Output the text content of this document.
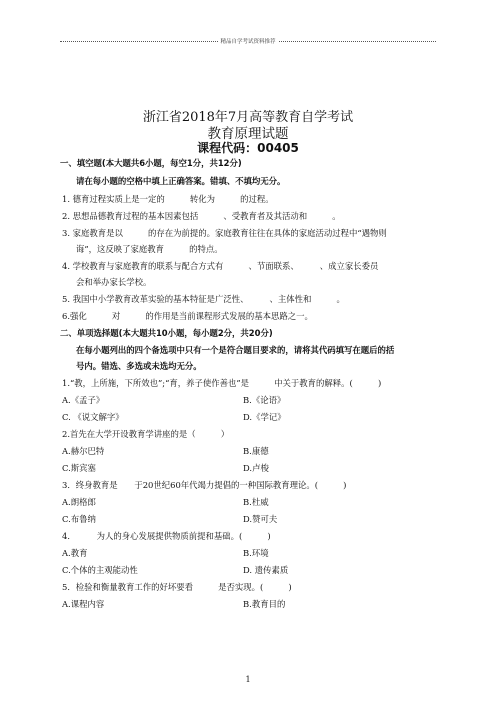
精品自学考试资料推荐
浙江省2018年7月高等教育自学考试
教育原理试题
课程代码：00405
一、填空题(本大题共6小题，每空1分，共12分)
请在每小题的空格中填上正确答案。错填、不填均无分。
1. 德育过程实质上是一定的　　　转化为　　　的过程。
2. 思想品德教育过程的基本因素包括　　　、受教育者及其活动和　　　。
3. 家庭教育是以　　　的存在为前提的。家庭教育往往在具体的家庭活动过程中“遇物则
诲”，这反映了家庭教育　　　的特点。
4. 学校教育与家庭教育的联系与配合方式有　　　、节面联系、　　　、成立家长委员
会和举办家长学校。
5. 我国中小学教育改革实验的基本特征是广泛性、　　　、主体性和　　　。
6.强化　　　对　　　的作用是当前课程形式发展的基本思路之一。
二、单项选择题(本大题共10小题，每小题2分，共20分)
在每小题列出的四个备选项中只有一个是符合题目要求的，请将其代码填写在题后的括
号内。错选、多选或未选均无分。
1.“教，上所施，下所效也”;“育，养子使作善也”是　　　中关于教育的解释。(　　　)
A.《孟子》	B.《论语》
C. 《说文解字》	D.《学记》
2.首先在大学开设教育学讲座的是（　　　）
A.赫尔巴特	B.康德
C.斯宾塞	D.卢梭
3．终身教育是　　于20世纪60年代竭力提倡的一种国际教育理论。(　　　)
A.朗格郎	B.杜威
C.布鲁纳	D.赞可夫
4．　　　为人的身心发展提供物质前提和基础。(　　　)
A.教育	B.环境
C.个体的主观能动性	D. 遗传素质
5．检验和衡量教育工作的好坏要看　　　是否实现。(　　　)
A.课程内容	B.教育目的
1
